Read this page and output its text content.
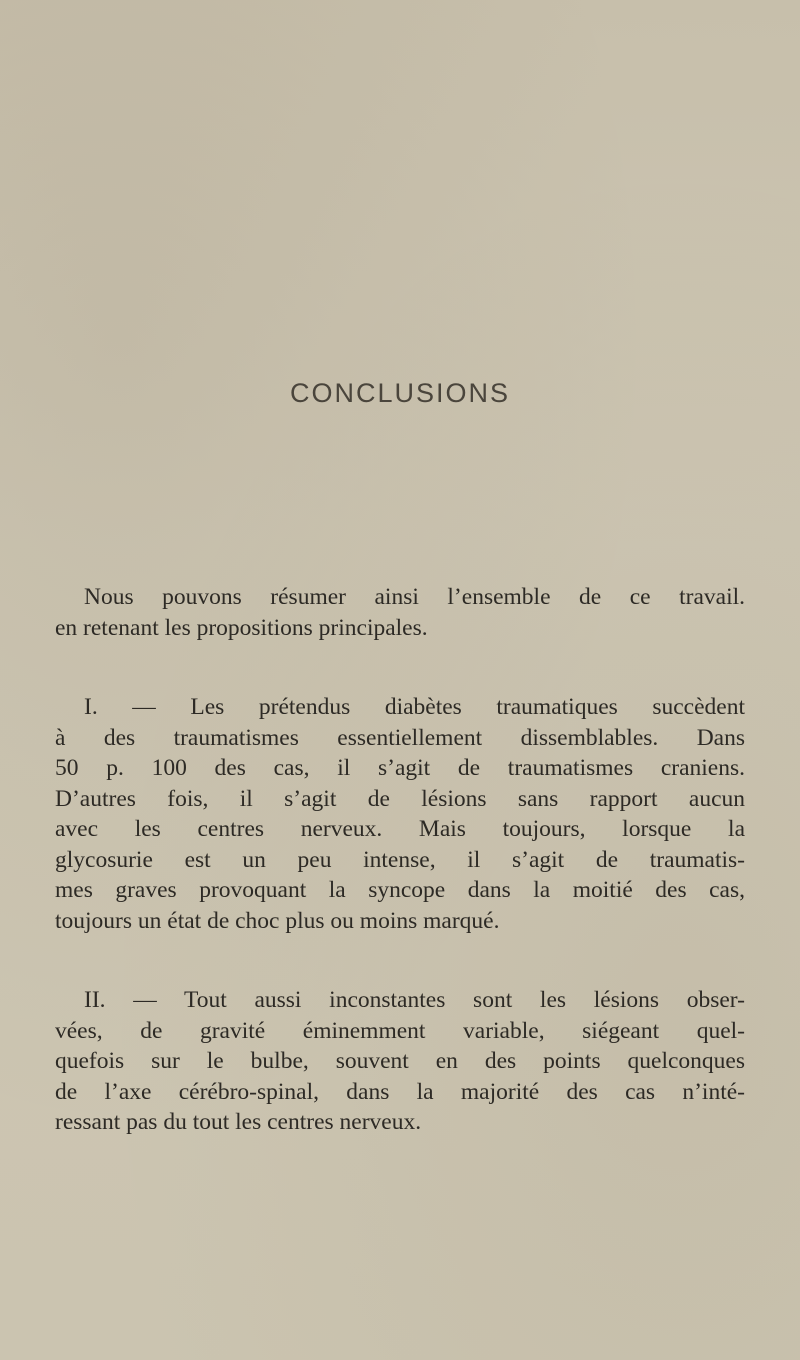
CONCLUSIONS
Nous pouvons résumer ainsi l’ensemble de ce travail.
en retenant les propositions principales.
I. — Les prétendus diabètes traumatiques succèdent
à des traumatismes essentiellement dissemblables. Dans
50 p. 100 des cas, il s’agit de traumatismes craniens.
D’autres fois, il s’agit de lésions sans rapport aucun
avec les centres nerveux. Mais toujours, lorsque la
glycosurie est un peu intense, il s’agit de traumatis-
mes graves provoquant la syncope dans la moitié des cas,
toujours un état de choc plus ou moins marqué.
II. — Tout aussi inconstantes sont les lésions obser-
vées, de gravité éminemment variable, siégeant quel-
quefois sur le bulbe, souvent en des points quelconques
de l’axe cérébro-spinal, dans la majorité des cas n’inté-
ressant pas du tout les centres nerveux.
